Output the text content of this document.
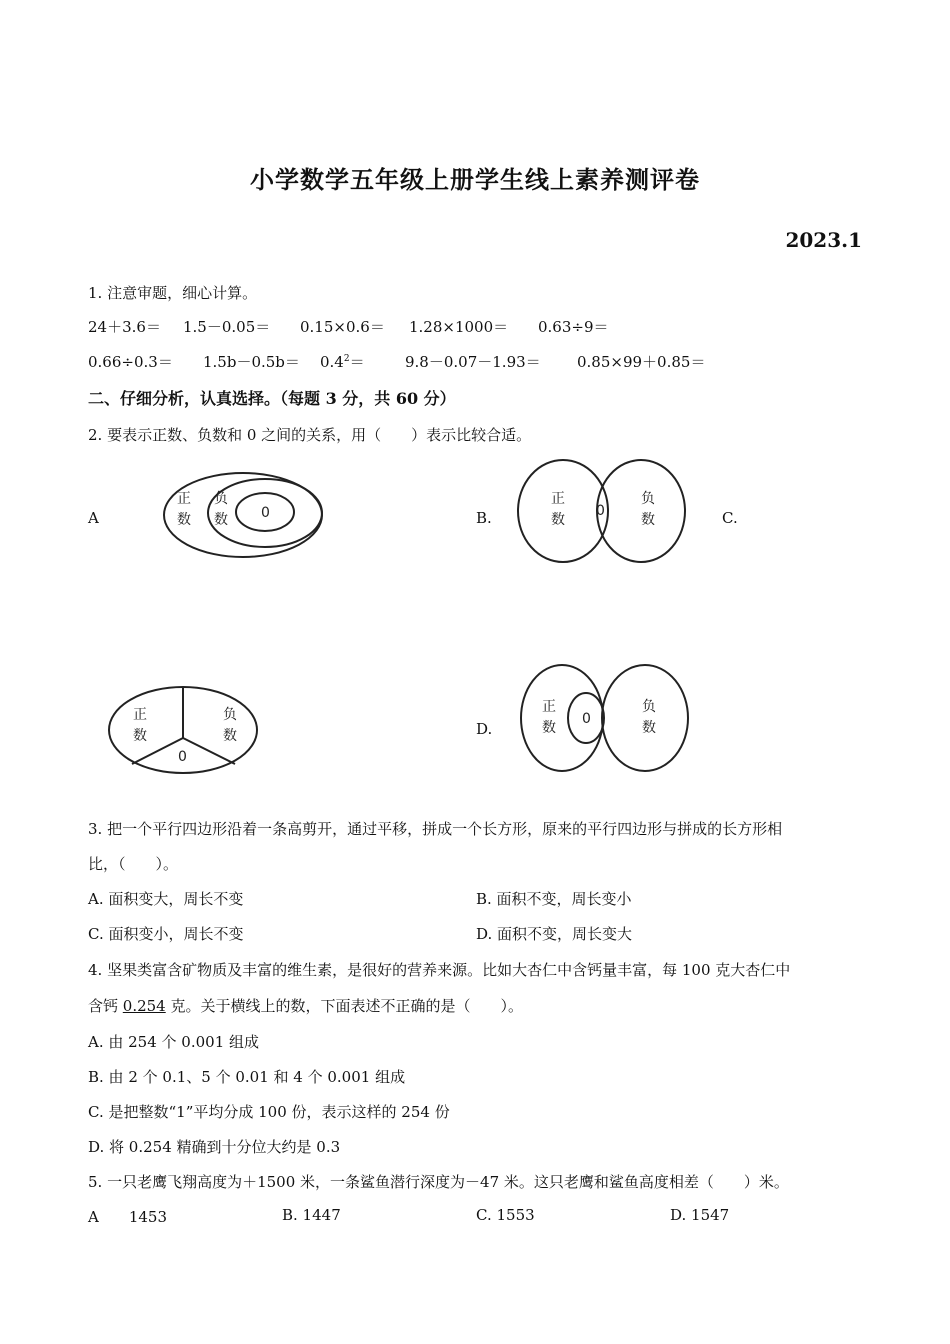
小学数学五年级上册学生线上素养测评卷
2023.1
1. 注意审题，细心计算。
24＋3.6＝ 1.5－0.05＝ 0.15×0.6＝ 1.28×1000＝ 0.63÷9＝
$0.66\div 0.3= 1.5b-0.5b= 0.4^2=$	9.8－0.07－1.93＝ 0.85×99＋0.85＝
二、仔细分析，认真选择。（每题 3 分，共 60 分）
2. 要表示正数、负数和 0 之间的关系，用（　　）表示比较合适。
A
正
数
负
数 0	B.
正
数
0
负
数	C.
正
数
负
数
0
D.
正
数
0
负
数
3. 把一个平行四边形沿着一条高剪开，通过平移，拼成一个长方形，原来的平行四边形与拼成的长方形相
比，（　　）。
A. 面积变大，周长不变	B. 面积不变，周长变小
C. 面积变小，周长不变	D. 面积不变，周长变大
4. 坚果类富含矿物质及丰富的维生素，是很好的营养来源。比如大杏仁中含钙量丰富，每 100 克大杏仁中
含钙 0.254 克。关于横线上的数，下面表述不正确的是（　　）。
A. 由 254 个 0.001 组成
B. 由 2 个 0.1、5 个 0.01 和 4 个 0.001 组成
C. 是把整数“1”平均分成 100 份，表示这样的 254 份
D. 将 0.254 精确到十分位大约是 0.3
5. 一只老鹰飞翔高度为＋1500 米，一条鲨鱼潜行深度为－47 米。这只老鹰和鲨鱼高度相差（　　）米。
A　　1453	B. 1447	C. 1553	D. 1547
